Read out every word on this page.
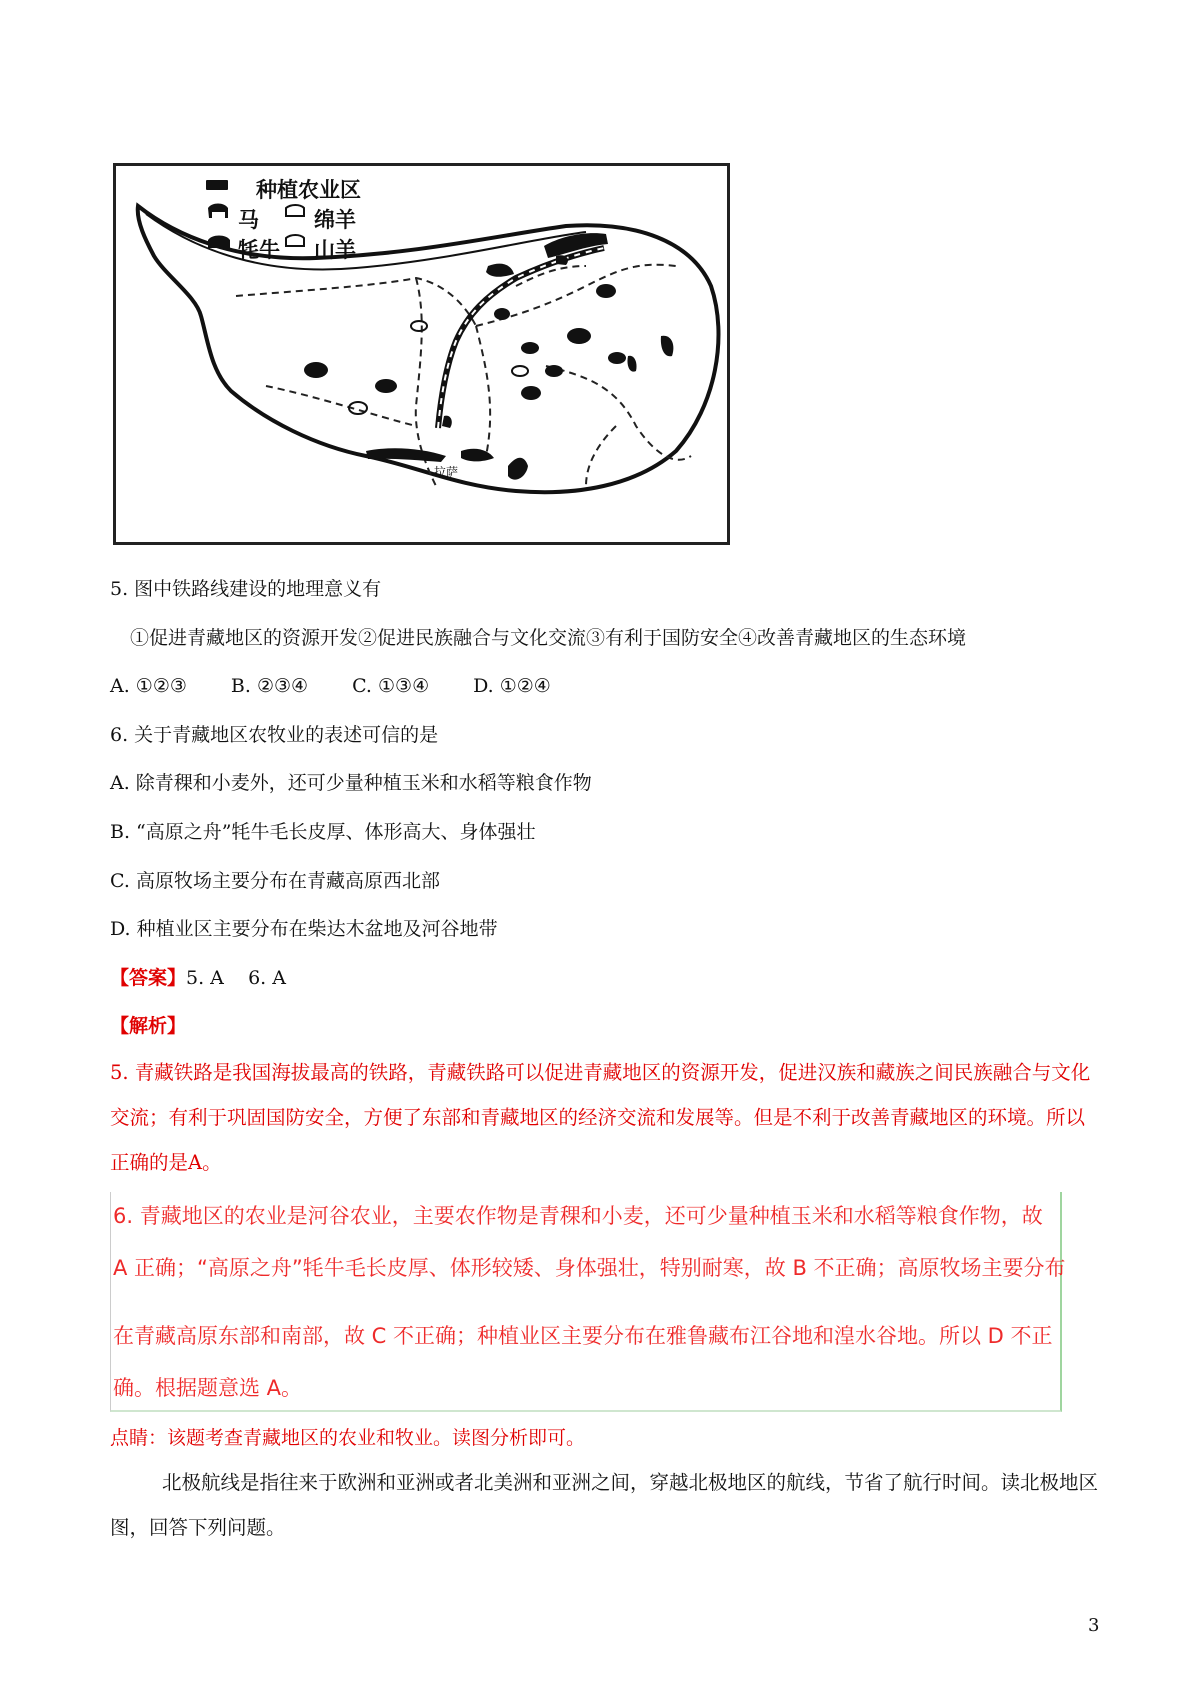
种植农业区
马	绵羊
牦牛 山羊
拉萨
5. 图中铁路线建设的地理意义有
①促进青藏地区的资源开发②促进民族融合与文化交流③有利于国防安全④改善青藏地区的生态环境
A. ①②③ B. ②③④ C. ①③④ D. ①②④
6. 关于青藏地区农牧业的表述可信的是
A. 除青稞和小麦外，还可少量种植玉米和水稻等粮食作物
B. “高原之舟”牦牛毛长皮厚、体形高大、身体强壮
C. 高原牧场主要分布在青藏高原西北部
D. 种植业区主要分布在柴达木盆地及河谷地带
【答案】5. A    6. A
【解析】
5. 青藏铁路是我国海拔最高的铁路，青藏铁路可以促进青藏地区的资源开发，促进汉族和藏族之间民族融合与文化交流；有利于巩固国防安全，方便了东部和青藏地区的经济交流和发展等。但是不利于改善青藏地区的环境。所以正确的是A。
6. 青藏地区的农业是河谷农业，主要农作物是青稞和小麦，还可少量种植玉米和水稻等粮食作物，故
A 正确；“高原之舟”牦牛毛长皮厚、体形较矮、身体强壮，特别耐寒，故 B 不正确；高原牧场主要分布
在青藏高原东部和南部，故 C 不正确；种植业区主要分布在雅鲁藏布江谷地和湟水谷地。所以 D 不正
确。根据题意选 A。
点睛：该题考查青藏地区的农业和牧业。读图分析即可。
北极航线是指往来于欧洲和亚洲或者北美洲和亚洲之间，穿越北极地区的航线，节省了航行时间。读北极地区图，回答下列问题。
3
